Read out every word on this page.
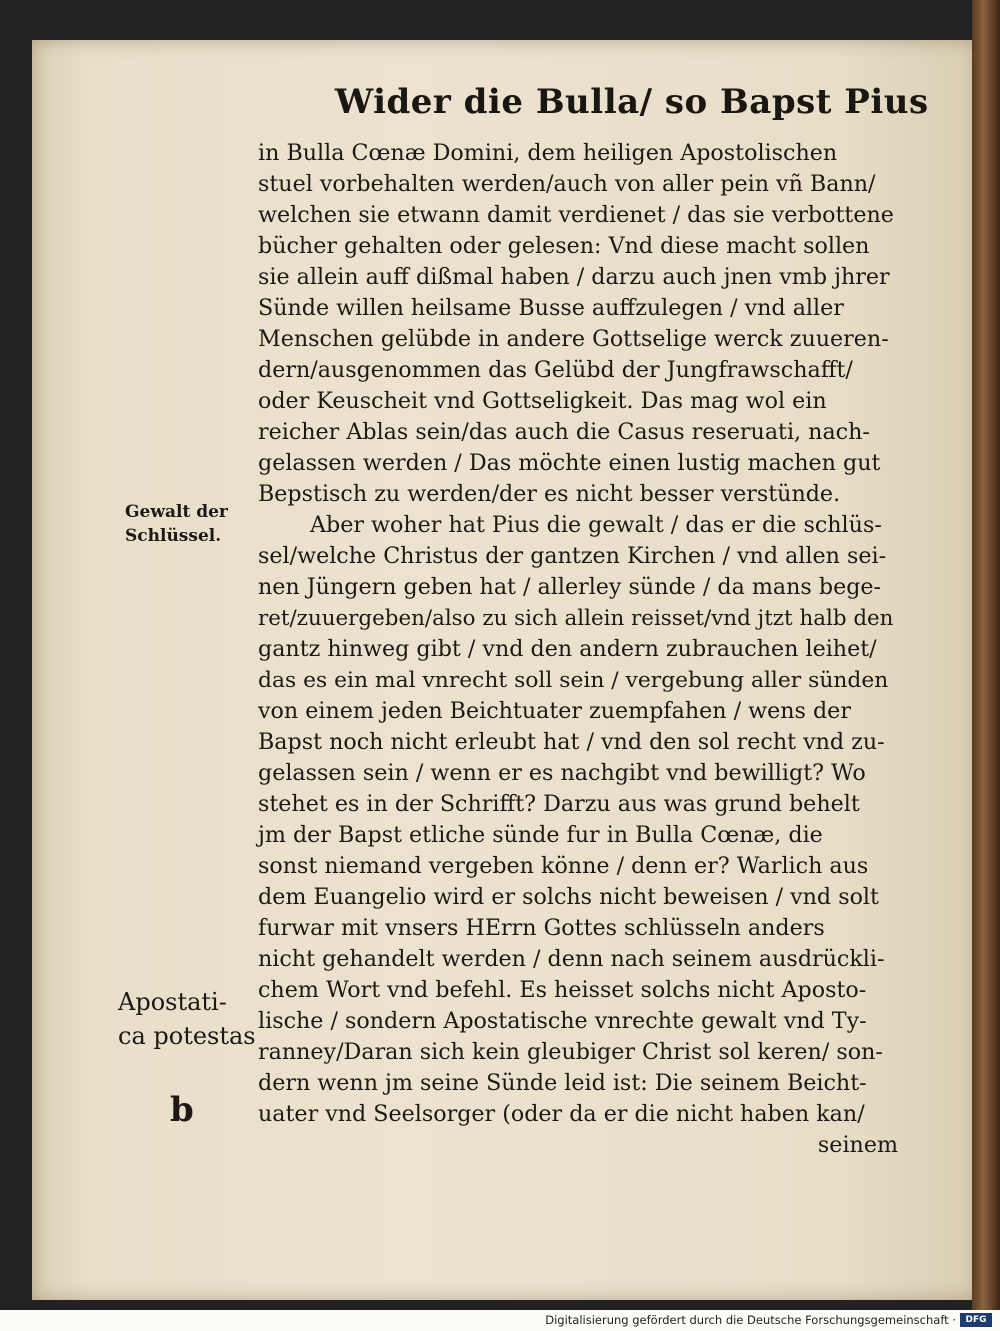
Wider die Bulla/ so Bapst Pius
in Bulla Cœnæ Domini, dem heiligen Apostolischen
stuel vorbehalten werden/auch von aller pein vñ Bann/
welchen sie etwann damit verdienet / das sie verbottene
bücher gehalten oder gelesen: Vnd diese macht sollen
sie allein auff dißmal haben / darzu auch jnen vmb jhrer
Sünde willen heilsame Busse auffzulegen / vnd aller
Menschen gelübde in andere Gottselige werck zuueren-
dern/ausgenommen das Gelübd der Jungfrawschafft/
oder Keuscheit vnd Gottseligkeit. Das mag wol ein
reicher Ablas sein/das auch die Casus reseruati, nach-
gelassen werden / Das möchte einen lustig machen gut
Bepstisch zu werden/der es nicht besser verstünde.
Aber woher hat Pius die gewalt / das er die schlüs-
sel/welche Christus der gantzen Kirchen / vnd allen sei-
nen Jüngern geben hat / allerley sünde / da mans bege-
ret/zuuergeben/also zu sich allein reisset/vnd jtzt halb den
gantz hinweg gibt / vnd den andern zubrauchen leihet/
das es ein mal vnrecht soll sein / vergebung aller sünden
von einem jeden Beichtuater zuempfahen / wens der
Bapst noch nicht erleubt hat / vnd den sol recht vnd zu-
gelassen sein / wenn er es nachgibt vnd bewilligt? Wo
stehet es in der Schrifft? Darzu aus was grund behelt
jm der Bapst etliche sünde fur in Bulla Cœnæ, die
sonst niemand vergeben könne / denn er? Warlich aus
dem Euangelio wird er solchs nicht beweisen / vnd solt
furwar mit vnsers HErrn Gottes schlüsseln anders
nicht gehandelt werden / denn nach seinem ausdrückli-
chem Wort vnd befehl. Es heisset solchs nicht Aposto-
lische / sondern Apostatische vnrechte gewalt vnd Ty-
ranney/Daran sich kein gleubiger Christ sol keren/ son-
dern wenn jm seine Sünde leid ist: Die seinem Beicht-
uater vnd Seelsorger (oder da er die nicht haben kan/
seinem
Gewalt der
Schlüssel.
Apostati-
ca potestas
b
Digitalisierung gefördert durch die Deutsche Forschungsgemeinschaft ·	DFG
